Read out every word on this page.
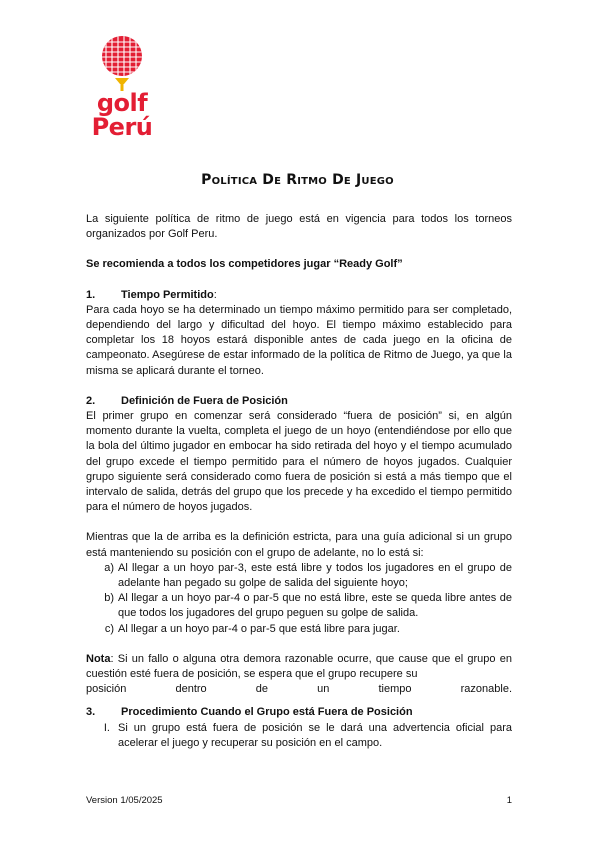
golf
Perú
Política De Ritmo De Juego

La siguiente política de ritmo de juego está en vigencia para todos los torneos organizados por Golf Peru.

Se recomienda a todos los competidores jugar “Ready Golf”

1.	Tiempo Permitido :

Para cada hoyo se ha determinado un tiempo máximo permitido para ser completado, dependiendo del largo y dificultad del hoyo. El tiempo máximo establecido para completar los 18 hoyos estará disponible antes de cada juego en la oficina de campeonato. Asegúrese de estar informado de la política de Ritmo de Juego, ya que la misma se aplicará durante el torneo.

2.	Definición de Fuera de Posición

El primer grupo en comenzar será considerado “fuera de posición” si, en algún momento durante la vuelta, completa el juego de un hoyo (entendiéndose por ello que la bola del último jugador en embocar ha sido retirada del hoyo y el tiempo acumulado del grupo excede el tiempo permitido para el número de hoyos jugados. Cualquier grupo siguiente será considerado como fuera de posición si está a más tiempo que el intervalo de salida, detrás del grupo que los precede y ha excedido el tiempo permitido para el número de hoyos jugados.

Mientras que la de arriba es la definición estricta, para una guía adicional si un grupo está manteniendo su posición con el grupo de adelante, no lo está si:

a) Al llegar a un hoyo par-3, este está libre y todos los jugadores en el grupo de adelante han pegado su golpe de salida del siguiente hoyo;
b) Al llegar a un hoyo par-4 o par-5 que no está libre, este se queda libre antes de que todos los jugadores del grupo peguen su golpe de salida.
c) Al llegar a un hoyo par-4 o par-5 que está libre para jugar.

Nota: Si un fallo o alguna otra demora razonable ocurre, que cause que el grupo en cuestión esté fuera de posición, se espera que el grupo recupere su

posición dentro de un tiempo razonable.

3.	Procedimiento Cuando el Grupo está Fuera de Posición
I. Si un grupo está fuera de posición se le dará una advertencia oficial para acelerar el juego y recuperar su posición en el campo.
Version 1/05/2025	1
